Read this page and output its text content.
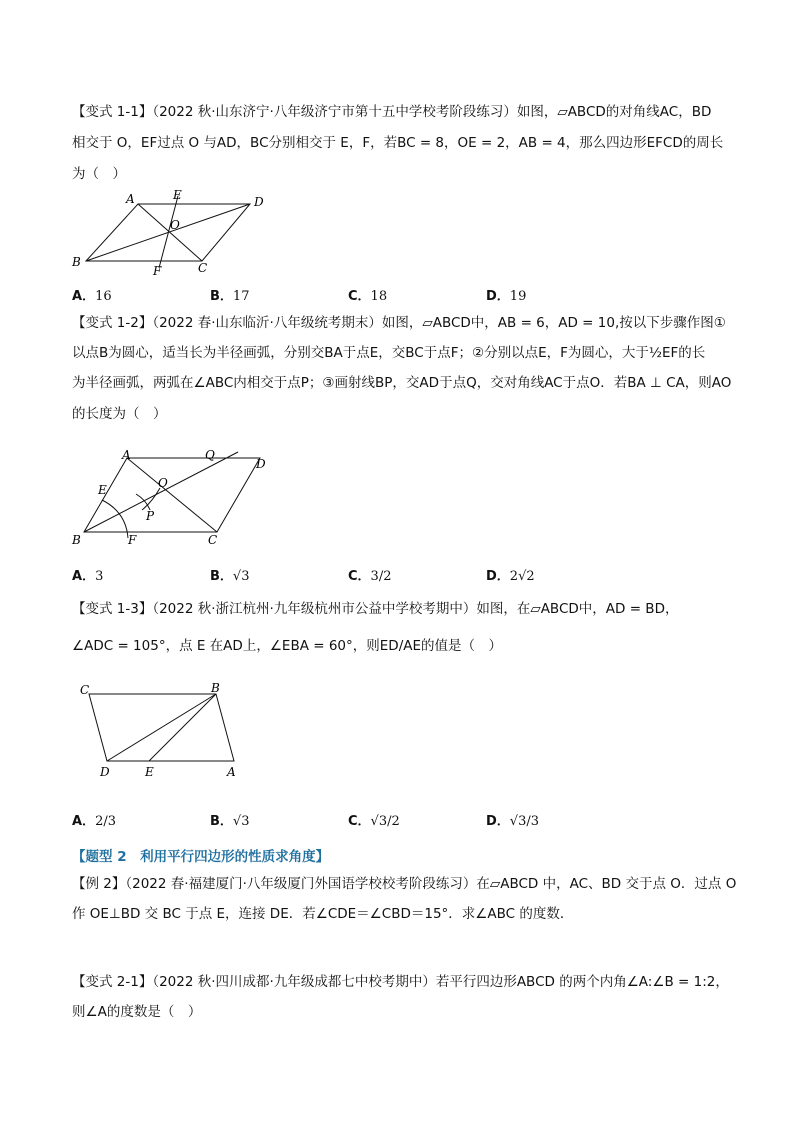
【变式 1-1】（2022 秋·山东济宁·八年级济宁市第十五中学校考阶段练习）如图，▱ABCD的对角线AC，BD
相交于 O，EF过点 O 与AD，BC分别相交于 E，F，若BC = 8，OE = 2，AB = 4，那么四边形EFCD的周长
为（　）
A
B	C
D
E
F
O
A．16	B．17	C．18	D．19
【变式 1-2】（2022 春·山东临沂·八年级统考期末）如图，▱ABCD中，AB = 6，AD = 10,按以下步骤作图①
以点B为圆心，适当长为半径画弧，分别交BA于点E，交BC于点F；②分别以点E，F为圆心，大于½EF的长
为半径画弧，两弧在∠ABC内相交于点P；③画射线BP，交AD于点Q，交对角线AC于点O．若BA ⊥ CA，则AO
的长度为（　）
A
B	C
D
E
F
O
P
Q
A．3	B．√3	C．3/2	D．2√2
【变式 1-3】（2022 秋·浙江杭州·九年级杭州市公益中学校考期中）如图，在▱ABCD中，AD = BD，
∠ADC = 105°，点 E 在AD上，∠EBA = 60°，则ED/AE的值是（　）
C	B
D	E	A
A．2/3	B．√3	C．√3/2	D．√3/3
【题型 2　利用平行四边形的性质求角度】
【例 2】（2022 春·福建厦门·八年级厦门外国语学校校考阶段练习）在▱ABCD 中，AC、BD 交于点 O．过点 O
作 OE⊥BD 交 BC 于点 E，连接 DE．若∠CDE＝∠CBD＝15°．求∠ABC 的度数．
【变式 2-1】（2022 秋·四川成都·九年级成都七中校考期中）若平行四边形ABCD 的两个内角∠A:∠B = 1:2，
则∠A的度数是（　）
